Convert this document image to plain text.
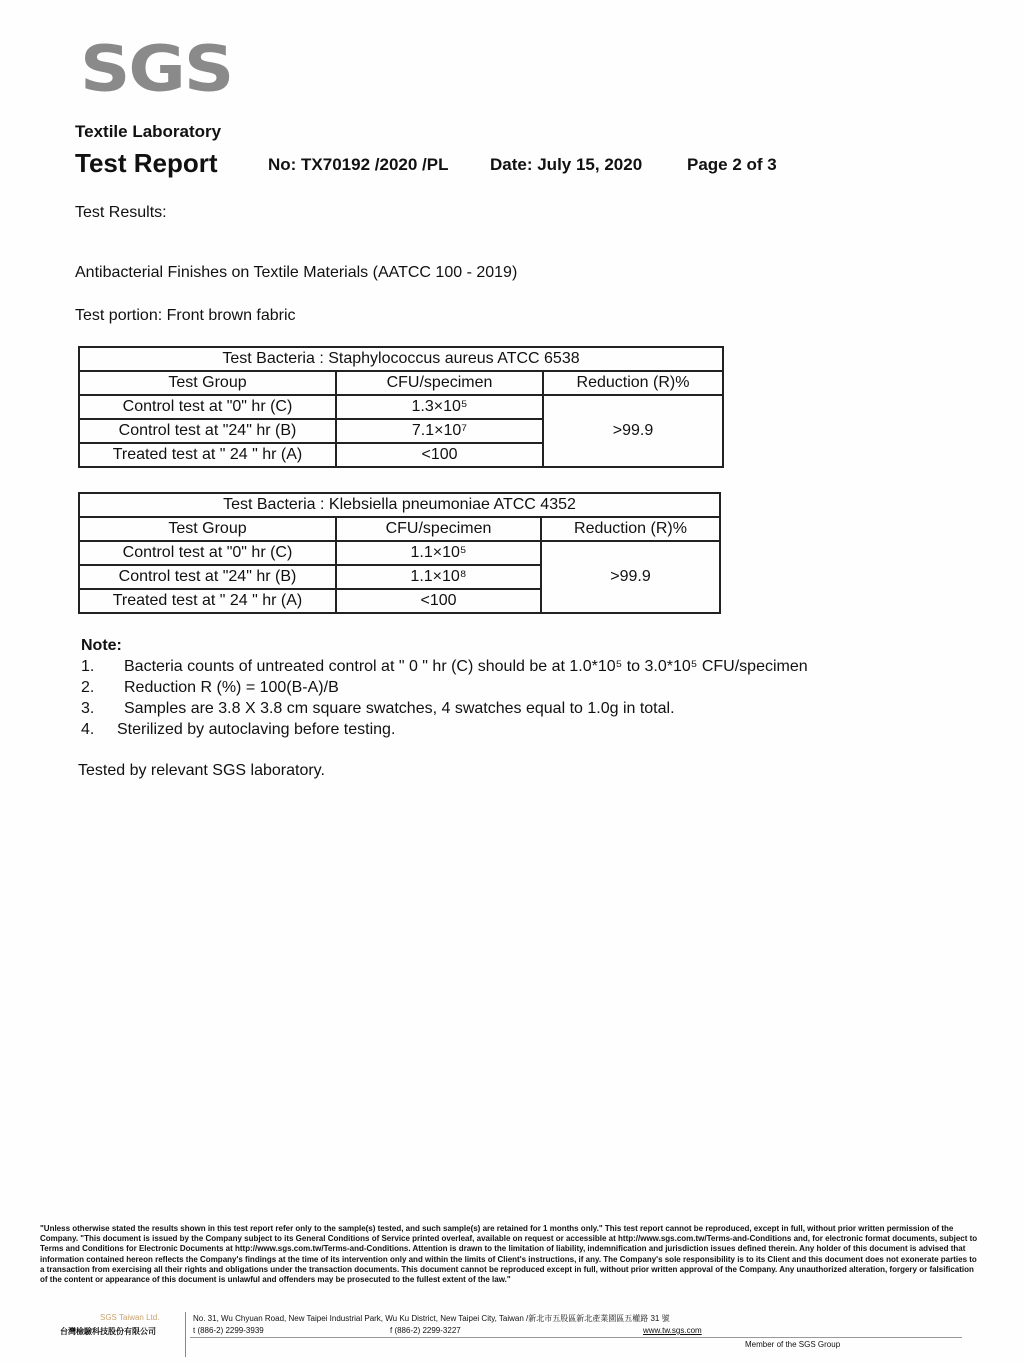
SGS
Textile Laboratory
Test Report	No: TX70192 /2020 /PL Date: July 15, 2020	Page 2 of 3
Test Results:
Antibacterial Finishes on Textile Materials (AATCC 100 - 2019)
Test portion: Front brown fabric
Test Bacteria : Staphylococcus aureus ATCC 6538		
Test Group	CFU/specimen	Reduction (R)%
Control test at "0" hr (C)	1.3×10⁵	>99.9
Control test at "24" hr (B)	7.1×10⁷	
Treated test at " 24 " hr (A)	<100	
Test Bacteria : Klebsiella pneumoniae ATCC 4352		
Test Group	CFU/specimen	Reduction (R)%
Control test at "0" hr (C)	1.1×10⁵	>99.9
Control test at "24" hr (B)	1.1×10⁸	
Treated test at " 24 " hr (A)	<100	
Note:
1. Bacteria counts of untreated control at " 0 " hr (C) should be at 1.0*10⁵ to 3.0*10⁵ CFU/specimen
2. Reduction R (%) = 100(B-A)/B
3. Samples are 3.8 X 3.8 cm square swatches, 4 swatches equal to 1.0g in total.
4. Sterilized by autoclaving before testing.
Tested by relevant SGS laboratory.
"Unless otherwise stated the results shown in this test report refer only to the sample(s) tested, and such sample(s) are retained for 1 months only." This test report cannot be reproduced, except in full, without prior written permission of the Company. "This document is issued by the Company subject to its General Conditions of Service printed overleaf, available on request or accessible at http://www.sgs.com.tw/Terms-and-Conditions and, for electronic format documents, subject to Terms and Conditions for Electronic Documents at http://www.sgs.com.tw/Terms-and-Conditions. Attention is drawn to the limitation of liability, indemnification and jurisdiction issues defined therein. Any holder of this document is advised that information contained hereon reflects the Company's findings at the time of its intervention only and within the limits of Client's instructions, if any. The Company's sole responsibility is to its Client and this document does not exonerate parties to a transaction from exercising all their rights and obligations under the transaction documents. This document cannot be reproduced except in full, without prior written approval of the Company. Any unauthorized alteration, forgery or falsification of the content or appearance of this document is unlawful and offenders may be prosecuted to the fullest extent of the law."
SGS Taiwan Ltd.
台灣檢驗科技股份有限公司
No. 31, Wu Chyuan Road, New Taipei Industrial Park, Wu Ku District, New Taipei City, Taiwan /新北市五股區新北產業園區五權路 31 號
t (886-2) 2299-3939	f (886-2) 2299-3227	www.tw.sgs.com
Member of the SGS Group
